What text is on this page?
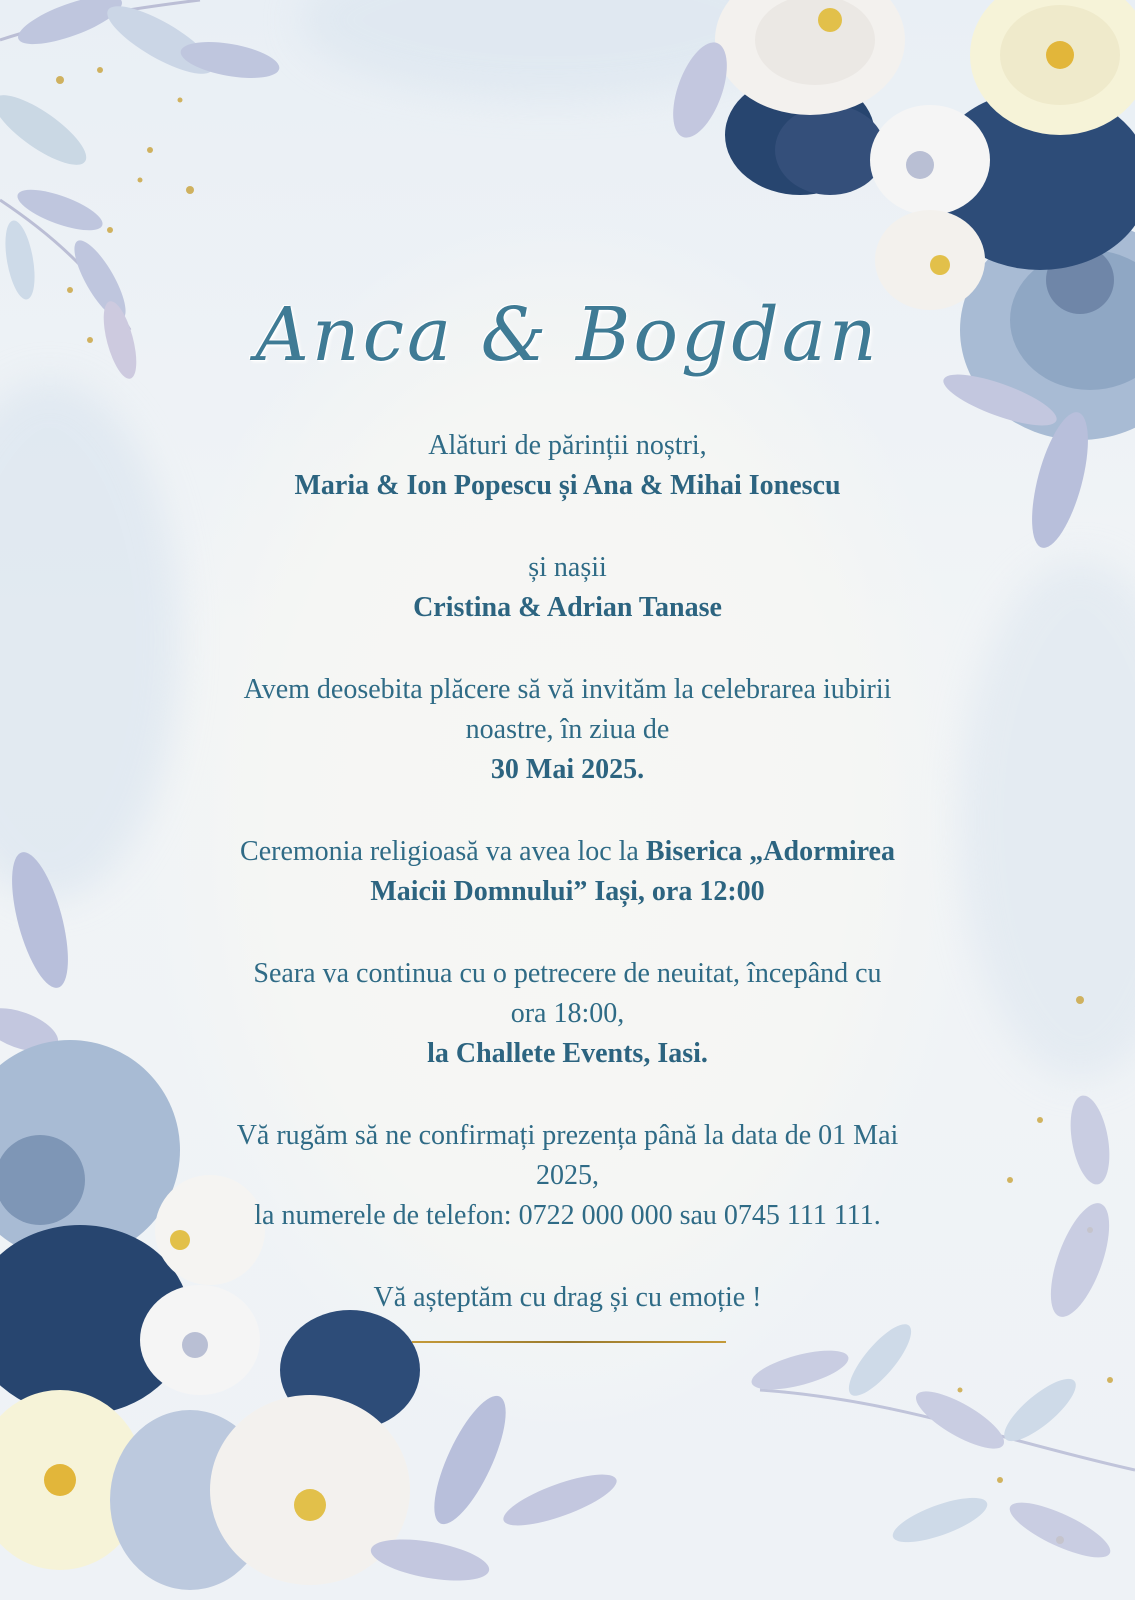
Anca & Bogdan

Alături de părinții noștri,

Maria & Ion Popescu și Ana & Mihai Ionescu

și nașii

Cristina & Adrian Tanase

Avem deosebita plăcere să vă invităm la celebrarea iubirii

noastre, în ziua de

30 Mai 2025.

Ceremonia religioasă va avea loc la Biserica „Adormirea

Maicii Domnului” Iași, ora 12:00

Seara va continua cu o petrecere de neuitat, începând cu

ora 18:00,

la Challete Events, Iasi.

Vă rugăm să ne confirmați prezența până la data de 01 Mai

2025,

la numerele de telefon: 0722 000 000 sau 0745 111 111.

Vă așteptăm cu drag și cu emoție !
